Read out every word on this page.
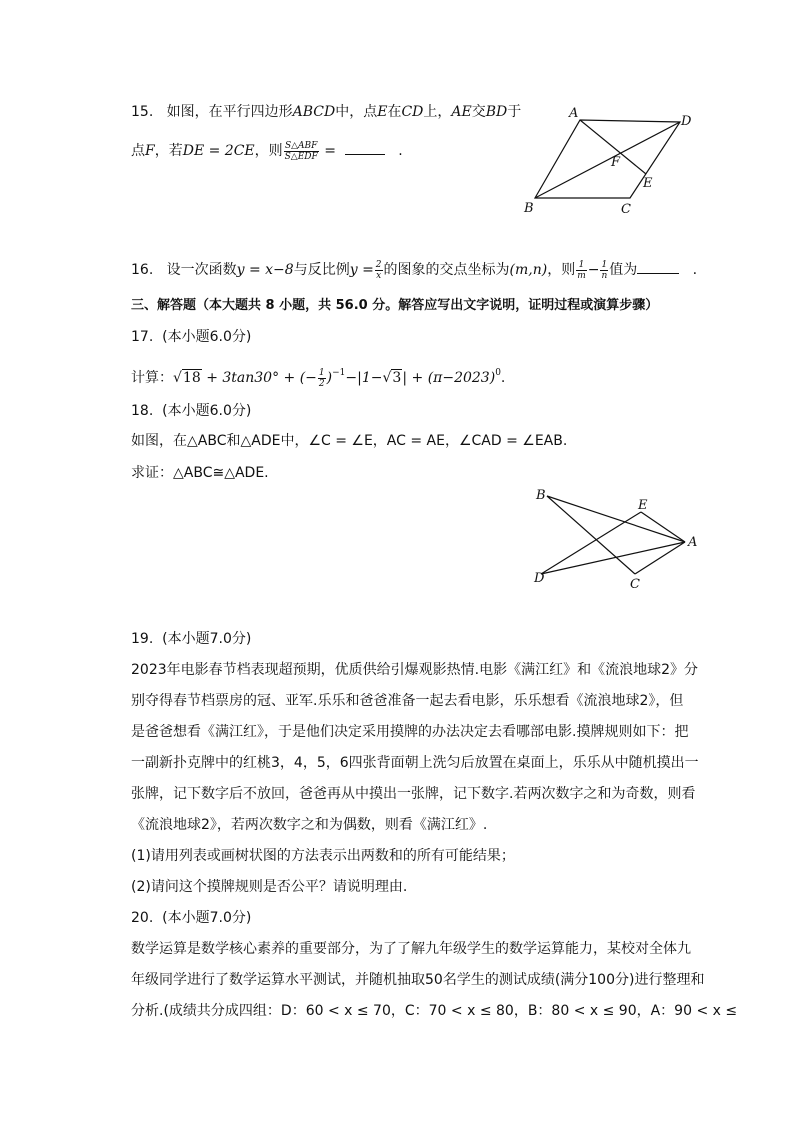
15. 如图，在平行四边形ABCD中，点E在CD上，AE交BD于
点F，若DE = 2CE，则 $\frac{\text{S△ABF}}{\text{S△EDF}}$ =	.
A
D
F
E
B	C
16. 设一次函数y = x−8与反比例$y = \frac{2}{x}$ 的图象的交点坐标为(m,n)，则 $\frac{1}{m} - \frac{1}{n}$ 值为	.
三、解答题（本大题共 8 小题，共 56.0 分。解答应写出文字说明，证明过程或演算步骤）
17. (本小题6.0分)
计算：√18 + 3tan30° + (− $\frac{1}{2} )^{-1}-|1-√3| + (\pi-2023)^0$.
18. (本小题6.0分)
如图，在△ABC和△ADE中，∠C = ∠E，AC = AE，∠CAD = ∠EAB.
求证：△ABC≅△ADE.
B
E
A
D	C
19. (本小题7.0分)
2023年电影春节档表现超预期，优质供给引爆观影热情.电影《满江红》和《流浪地球2》分
别夺得春节档票房的冠、亚军.乐乐和爸爸准备一起去看电影，乐乐想看《流浪地球2》，但
是爸爸想看《满江红》，于是他们决定采用摸牌的办法决定去看哪部电影.摸牌规则如下：把
一副新扑克牌中的红桃3，4，5，6四张背面朝上洗匀后放置在桌面上，乐乐从中随机摸出一
张牌，记下数字后不放回，爸爸再从中摸出一张牌，记下数字.若两次数字之和为奇数，则看
《流浪地球2》，若两次数字之和为偶数，则看《满江红》.
(1)请用列表或画树状图的方法表示出两数和的所有可能结果；
(2)请问这个摸牌规则是否公平？请说明理由.
20. (本小题7.0分)
数学运算是数学核心素养的重要部分，为了了解九年级学生的数学运算能力，某校对全体九
年级同学进行了数学运算水平测试，并随机抽取50名学生的测试成绩(满分100分)进行整理和
分析.(成绩共分成四组：D：60 < x ≤ 70，C：70 < x ≤ 80，B：80 < x ≤ 90，A：90 < x ≤
